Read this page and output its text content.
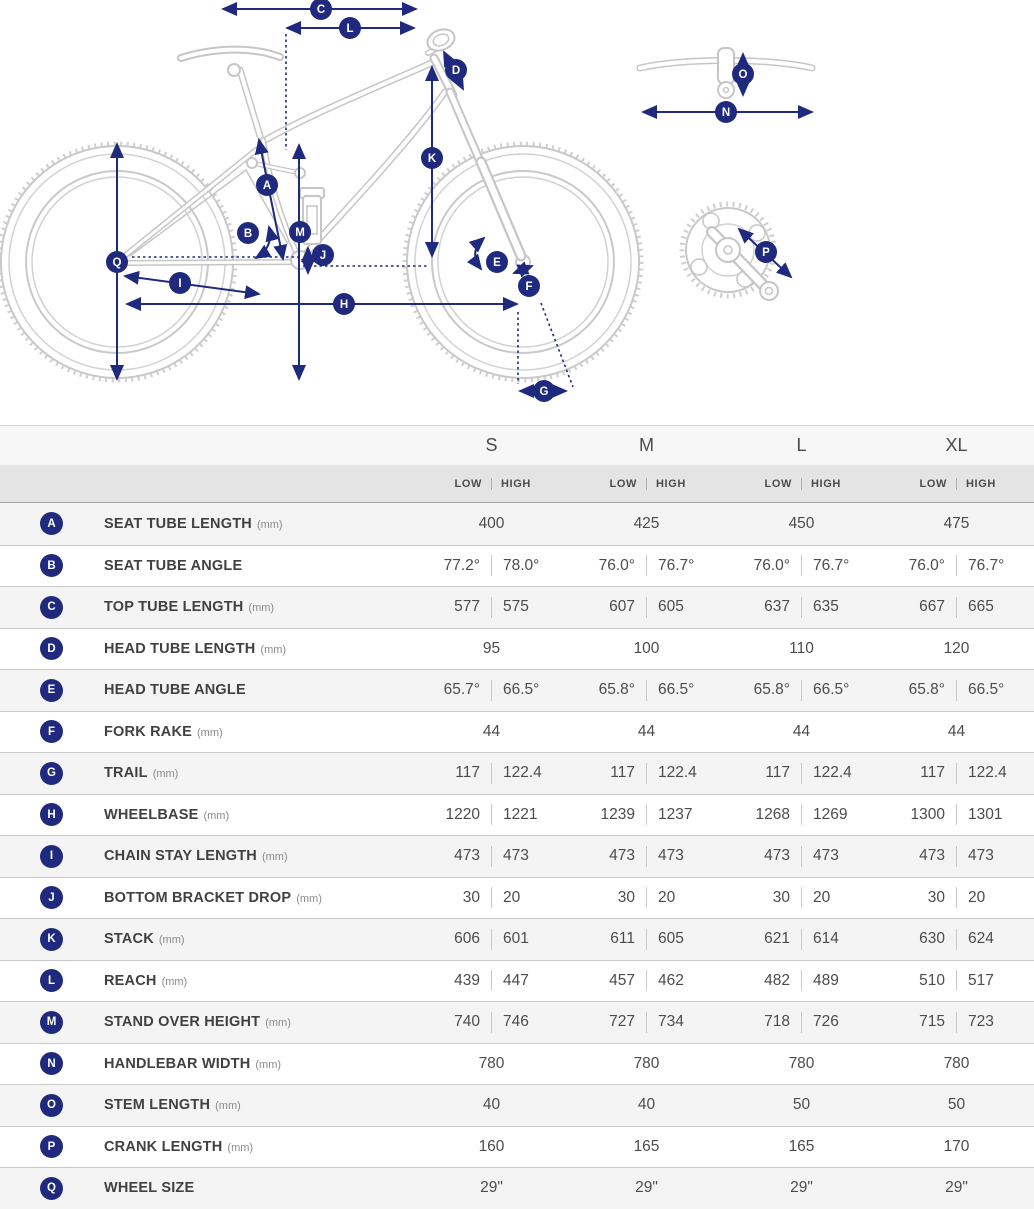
A
B
C
D
E
F
G
H
I
J
K
L
M
N
O
P
Q
S	M	L	XL
LOW	HIGH	LOW	HIGH	LOW	HIGH	LOW	HIGH
A	SEAT TUBE LENGTH (mm)	400	425	450	475
B	SEAT TUBE ANGLE	77.2°	78.0°	76.0°	76.7°	76.0°	76.7°	76.0°	76.7°
C	TOP TUBE LENGTH (mm)	577	575	607	605	637	635	667	665
D	HEAD TUBE LENGTH (mm)	95	100	110	120
E	HEAD TUBE ANGLE	65.7°	66.5°	65.8°	66.5°	65.8°	66.5°	65.8°	66.5°
F	FORK RAKE (mm)	44	44	44	44
G	TRAIL (mm)	117	122.4	117	122.4	117	122.4	117	122.4
H	WHEELBASE (mm)	1220	1221	1239	1237	1268	1269	1300	1301
I	CHAIN STAY LENGTH (mm)	473	473	473	473	473	473	473	473
J	BOTTOM BRACKET DROP (mm)	30	20	30	20	30	20	30	20
K	STACK (mm)	606	601	611	605	621	614	630	624
L	REACH (mm)	439	447	457	462	482	489	510	517
M	STAND OVER HEIGHT (mm)	740	746	727	734	718	726	715	723
N	HANDLEBAR WIDTH (mm)	780	780	780	780
O	STEM LENGTH (mm)	40	40	50	50
P	CRANK LENGTH (mm)	160	165	165	170
Q	WHEEL SIZE	29"	29"	29"	29"
